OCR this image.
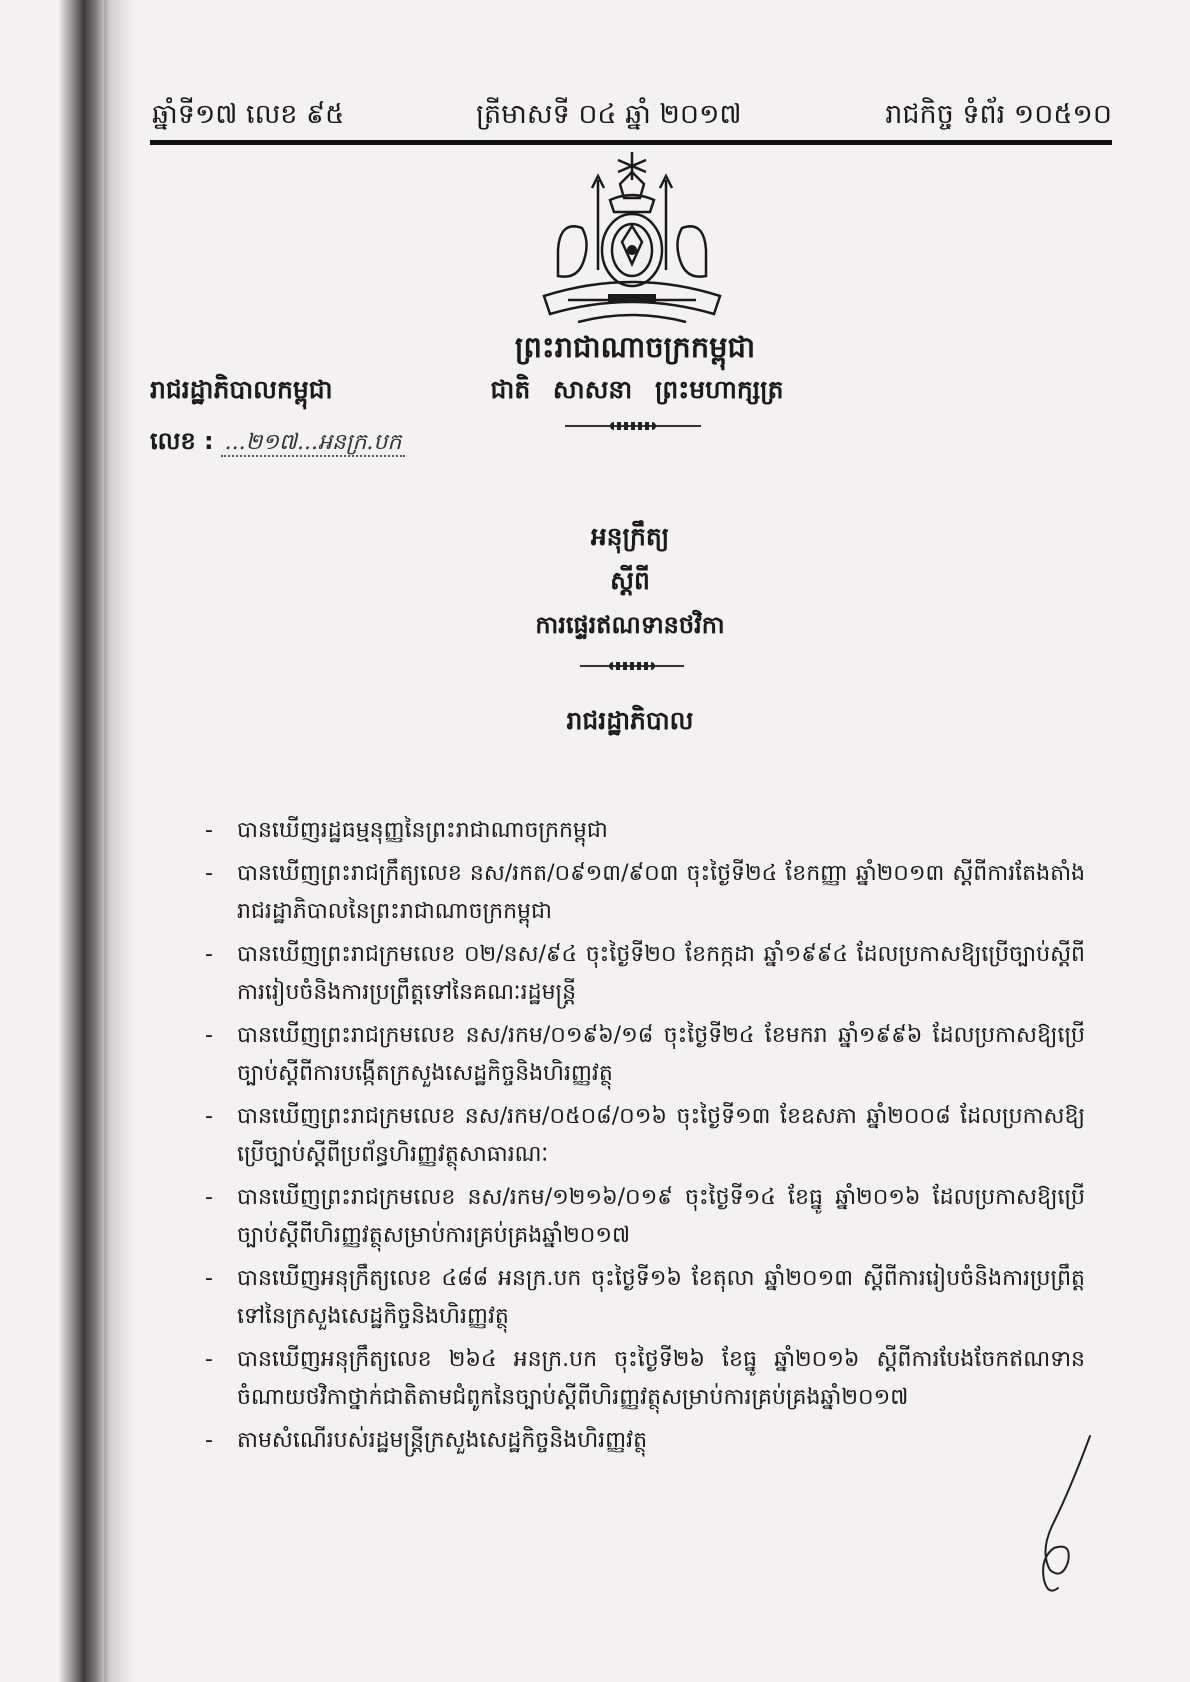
ឆ្នាំទី១៧ លេខ ៩៥	ត្រីមាសទី ០៤ ឆ្នាំ ២០១៧	រាជកិច្ច ទំព័រ ១០៥១០
ព្រះរាជាណាចក្រកម្ពុជា
ជាតិ សាសនា ព្រះមហាក្សត្រ
រាជរដ្ឋាភិបាលកម្ពុជា
លេខ : ...២១៧...អនក្រ.បក
អនុក្រឹត្យ
ស្តីពី
ការផ្ទេរឥណទានថវិកា
រាជរដ្ឋាភិបាល
- បានឃើញរដ្ឋធម្មនុញ្ញនៃព្រះរាជាណាចក្រកម្ពុជា
- បានឃើញព្រះរាជក្រឹត្យលេខ នស/រកត/០៩១៣/៩០៣ ចុះថ្ងៃទី២៤ ខែកញ្ញា ឆ្នាំ២០១៣ ស្តីពីការតែងតាំងរាជរដ្ឋាភិបាលនៃព្រះរាជាណាចក្រកម្ពុជា
- បានឃើញព្រះរាជក្រមលេខ ០២/នស/៩៤ ចុះថ្ងៃទី២០ ខែកក្កដា ឆ្នាំ១៩៩៤ ដែលប្រកាសឱ្យប្រើច្បាប់ស្តីពីការរៀបចំនិងការប្រព្រឹត្តទៅនៃគណៈរដ្ឋមន្ត្រី
- បានឃើញព្រះរាជក្រមលេខ នស/រកម/០១៩៦/១៨ ចុះថ្ងៃទី២៤ ខែមករា ឆ្នាំ១៩៩៦ ដែលប្រកាសឱ្យប្រើច្បាប់ស្តីពីការបង្កើតក្រសួងសេដ្ឋកិច្ចនិងហិរញ្ញវត្ថុ
- បានឃើញព្រះរាជក្រមលេខ នស/រកម/០៥០៨/០១៦ ចុះថ្ងៃទី១៣ ខែឧសភា ឆ្នាំ២០០៨ ដែលប្រកាសឱ្យប្រើច្បាប់ស្តីពីប្រព័ន្ធហិរញ្ញវត្ថុសាធារណៈ
- បានឃើញព្រះរាជក្រមលេខ នស/រកម/១២១៦/០១៩ ចុះថ្ងៃទី១៤ ខែធ្នូ ឆ្នាំ២០១៦ ដែលប្រកាសឱ្យប្រើច្បាប់ស្តីពីហិរញ្ញវត្ថុសម្រាប់ការគ្រប់គ្រងឆ្នាំ២០១៧
- បានឃើញអនុក្រឹត្យលេខ ៤៨៨ អនក្រ.បក ចុះថ្ងៃទី១៦ ខែតុលា ឆ្នាំ២០១៣ ស្តីពីការរៀបចំនិងការប្រព្រឹត្តទៅនៃក្រសួងសេដ្ឋកិច្ចនិងហិរញ្ញវត្ថុ
- បានឃើញអនុក្រឹត្យលេខ ២៦៤ អនក្រ.បក ចុះថ្ងៃទី២៦ ខែធ្នូ ឆ្នាំ២០១៦ ស្តីពីការបែងចែកឥណទានចំណាយថវិកាថ្នាក់ជាតិតាមជំពូកនៃច្បាប់ស្តីពីហិរញ្ញវត្ថុសម្រាប់ការគ្រប់គ្រងឆ្នាំ២០១៧
- តាមសំណើរបស់រដ្ឋមន្ត្រីក្រសួងសេដ្ឋកិច្ចនិងហិរញ្ញវត្ថុ
